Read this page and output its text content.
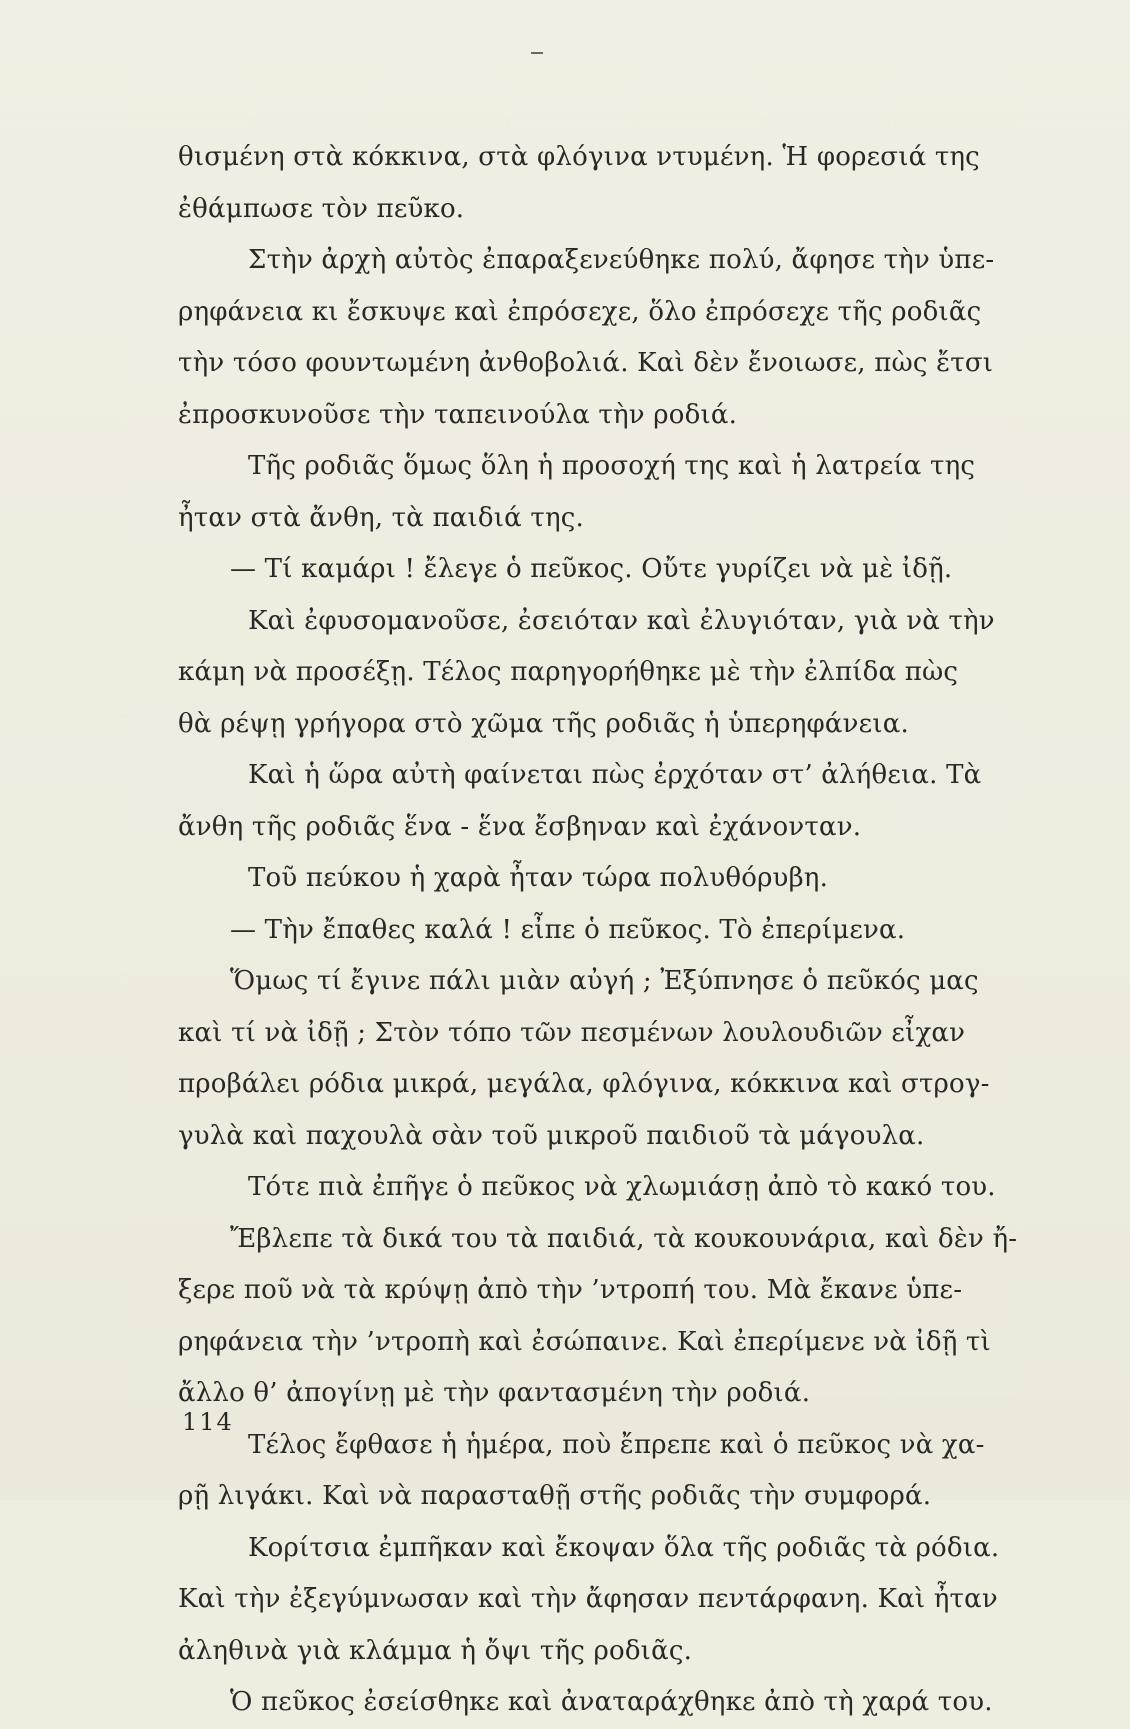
θισμένη στὰ κόκκινα, στὰ φλόγινα ντυμένη. Ἡ φορεσιά της
ἐθάμπωσε τὸν πεῦκο.
Στὴν ἀρχὴ αὐτὸς ἐπαραξενεύθηκε πολύ, ἄφησε τὴν ὑπε-
ρηφάνεια κι ἔσκυψε καὶ ἐπρόσεχε, ὅλο ἐπρόσεχε τῆς ροδιᾶς
τὴν τόσο φουντωμένη ἀνθοβολιά. Καὶ δὲν ἔνοιωσε, πὼς ἔτσι
ἐπροσκυνοῦσε τὴν ταπεινούλα τὴν ροδιά.
Τῆς ροδιᾶς ὅμως ὅλη ἡ προσοχή της καὶ ἡ λατρεία της
ἦταν στὰ ἄνθη, τὰ παιδιά της.
— Τί καμάρι ! ἔλεγε ὁ πεῦκος. Οὔτε γυρίζει νὰ μὲ ἰδῇ.
Καὶ ἐφυσομανοῦσε, ἐσειόταν καὶ ἐλυγιόταν, γιὰ νὰ τὴν
κάμη νὰ προσέξῃ. Τέλος παρηγορήθηκε μὲ τὴν ἐλπίδα πὼς
θὰ ρέψῃ γρήγορα στὸ χῶμα τῆς ροδιᾶς ἡ ὑπερηφάνεια.
Καὶ ἡ ὥρα αὐτὴ φαίνεται πὼς ἐρχόταν στ’ ἀλήθεια. Τὰ
ἄνθη τῆς ροδιᾶς ἕνα - ἕνα ἔσβηναν καὶ ἐχάνονταν.
Τοῦ πεύκου ἡ χαρὰ ἦταν τώρα πολυθόρυβη.
— Τὴν ἔπαθες καλά ! εἶπε ὁ πεῦκος. Τὸ ἐπερίμενα.
Ὅμως τί ἔγινε πάλι μιὰν αὐγή ; Ἐξύπνησε ὁ πεῦκός μας
καὶ τί νὰ ἰδῇ ; Στὸν τόπο τῶν πεσμένων λουλουδιῶν εἶχαν
προβάλει ρόδια μικρά, μεγάλα, φλόγινα, κόκκινα καὶ στρογ-
γυλὰ καὶ παχουλὰ σὰν τοῦ μικροῦ παιδιοῦ τὰ μάγουλα.
Τότε πιὰ ἐπῆγε ὁ πεῦκος νὰ χλωμιάσῃ ἀπὸ τὸ κακό του.
Ἔβλεπε τὰ δικά του τὰ παιδιά, τὰ κουκουνάρια, καὶ δὲν ἤ-
ξερε ποῦ νὰ τὰ κρύψῃ ἀπὸ τὴν ’ντροπή του. Μὰ ἔκανε ὑπε-
ρηφάνεια τὴν ’ντροπὴ καὶ ἐσώπαινε. Καὶ ἐπερίμενε νὰ ἰδῇ τὶ
ἄλλο θ’ ἀπογίνῃ μὲ τὴν φαντασμένη τὴν ροδιά.
Τέλος ἔφθασε ἡ ἡμέρα, ποὺ ἔπρεπε καὶ ὁ πεῦκος νὰ χα-
ρῇ λιγάκι. Καὶ νὰ παρασταθῇ στῆς ροδιᾶς τὴν συμφορά.
Κορίτσια ἐμπῆκαν καὶ ἔκοψαν ὅλα τῆς ροδιᾶς τὰ ρόδια.
Καὶ τὴν ἐξεγύμνωσαν καὶ τὴν ἄφησαν πεντάρφανη. Καὶ ἦταν
ἀληθινὰ γιὰ κλάμμα ἡ ὄψι τῆς ροδιᾶς.
Ὁ πεῦκος ἐσείσθηκε καὶ ἀναταράχθηκε ἀπὸ τὴ χαρά του.
114
